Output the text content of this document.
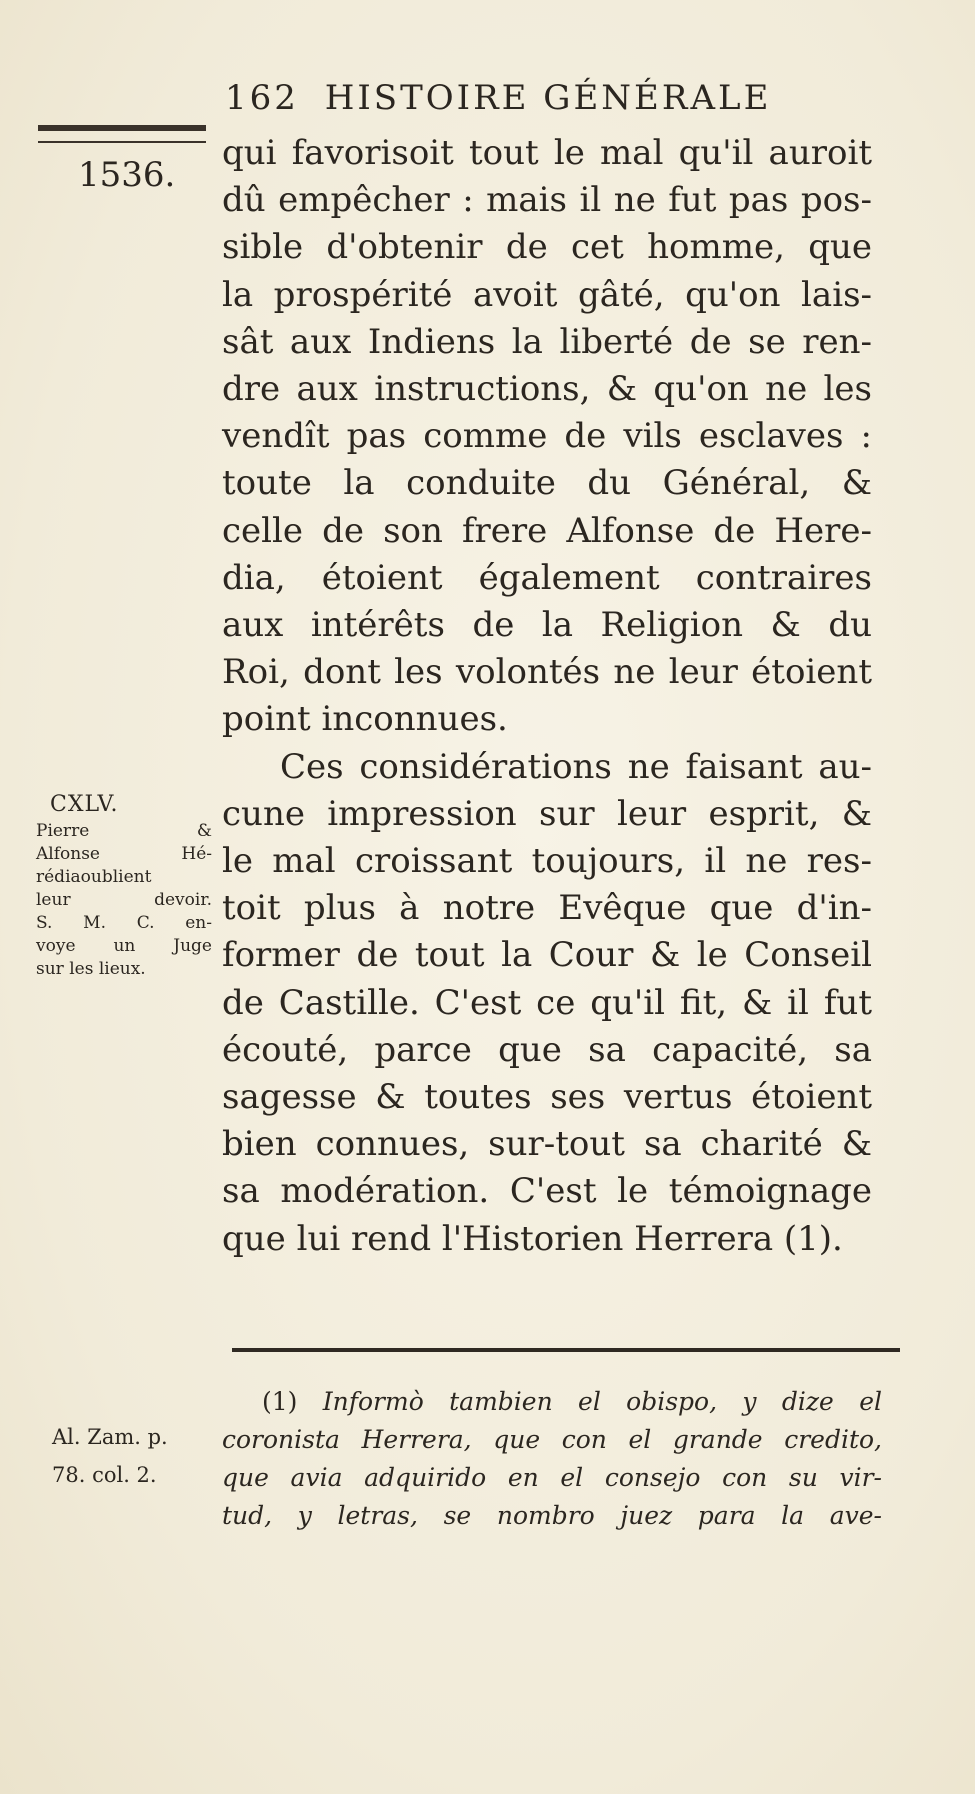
162 HISTOIRE GÉNÉRALE
1536.
qui favorisoit tout le mal qu'il auroit
dû empêcher : mais il ne fut pas pos-
sible d'obtenir de cet homme, que
la prospérité avoit gâté, qu'on lais-
sât aux Indiens la liberté de se ren-
dre aux instructions, & qu'on ne les
vendît pas comme de vils esclaves :
toute la conduite du Général, &
celle de son frere Alfonse de Here-
dia, étoient également contraires
aux intérêts de la Religion & du
Roi, dont les volontés ne leur étoient
point inconnues.
Ces considérations ne faisant au-
cune impression sur leur esprit, &
le mal croissant toujours, il ne res-
toit plus à notre Evêque que d'in-
former de tout la Cour & le Conseil
de Castille. C'est ce qu'il fit, & il fut
écouté, parce que sa capacité, sa
sagesse & toutes ses vertus étoient
bien connues, sur-tout sa charité &
sa modération. C'est le témoignage
que lui rend l'Historien Herrera (1).
CXLV.
Pierre &
Alfonse Hé-
rédiaoublient
leur devoir.
S. M. C. en-
voye un Juge
sur les lieux.
(1) Informò tambien el obispo, y dize el
coronista Herrera, que con el grande credito,
que avia adquirido en el consejo con su vir-
tud, y letras, se nombro juez para la ave-
Al. Zam. p.
78. col. 2.
